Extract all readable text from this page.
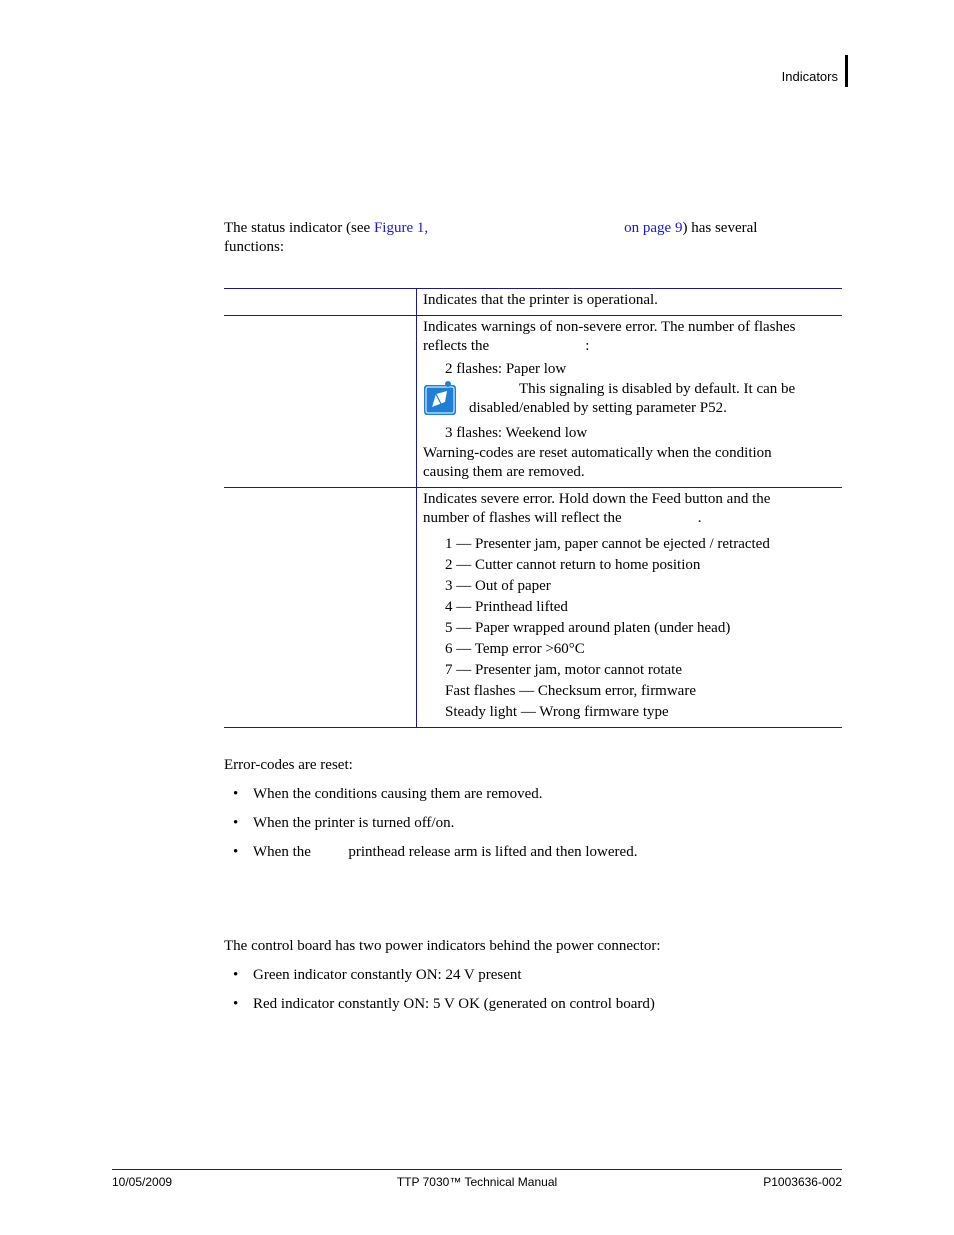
Indicators
The status indicator (see Figure 1,	on page 9) has several
functions:

Indicates that the printer is operational.

Indicates warnings of non-severe error. The number of flashes

reflects the	:

2 flashes: Paper low

This signaling is disabled by default. It can be
disabled/enabled by setting parameter P52.

3 flashes: Weekend low

Warning-codes are reset automatically when the condition

causing them are removed.

Indicates severe error. Hold down the Feed button and the

number of flashes will reflect the	.

1 — Presenter jam, paper cannot be ejected / retracted

2 — Cutter cannot return to home position

3 — Out of paper

4 — Printhead lifted

5 — Paper wrapped around platen (under head)

6 — Temp error >60°C

7 — Presenter jam, motor cannot rotate

Fast flashes — Checksum error, firmware

Steady light — Wrong firmware type

Error-codes are reset:
• When the conditions causing them are removed.
• When the printer is turned off/on.
• When the          printhead release arm is lifted and then lowered.
The control board has two power indicators behind the power connector:
• Green indicator constantly ON: 24 V present
• Red indicator constantly ON: 5 V OK (generated on control board)
10/05/2009	TTP 7030™ Technical Manual	P1003636-002
